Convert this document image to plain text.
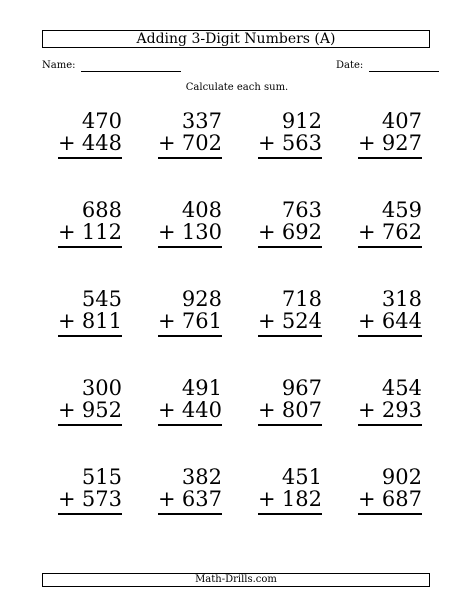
Adding 3-Digit Numbers (A)
Name:	Date:
Calculate each sum.
470
+ 448
337
+ 702
912
+ 563
407
+ 927
688
+ 112
408
+ 130
763
+ 692
459
+ 762
545
+ 811
928
+ 761
718
+ 524
318
+ 644
300
+ 952
491
+ 440
967
+ 807
454
+ 293
515
+ 573
382
+ 637
451
+ 182
902
+ 687
Math-Drills.com
